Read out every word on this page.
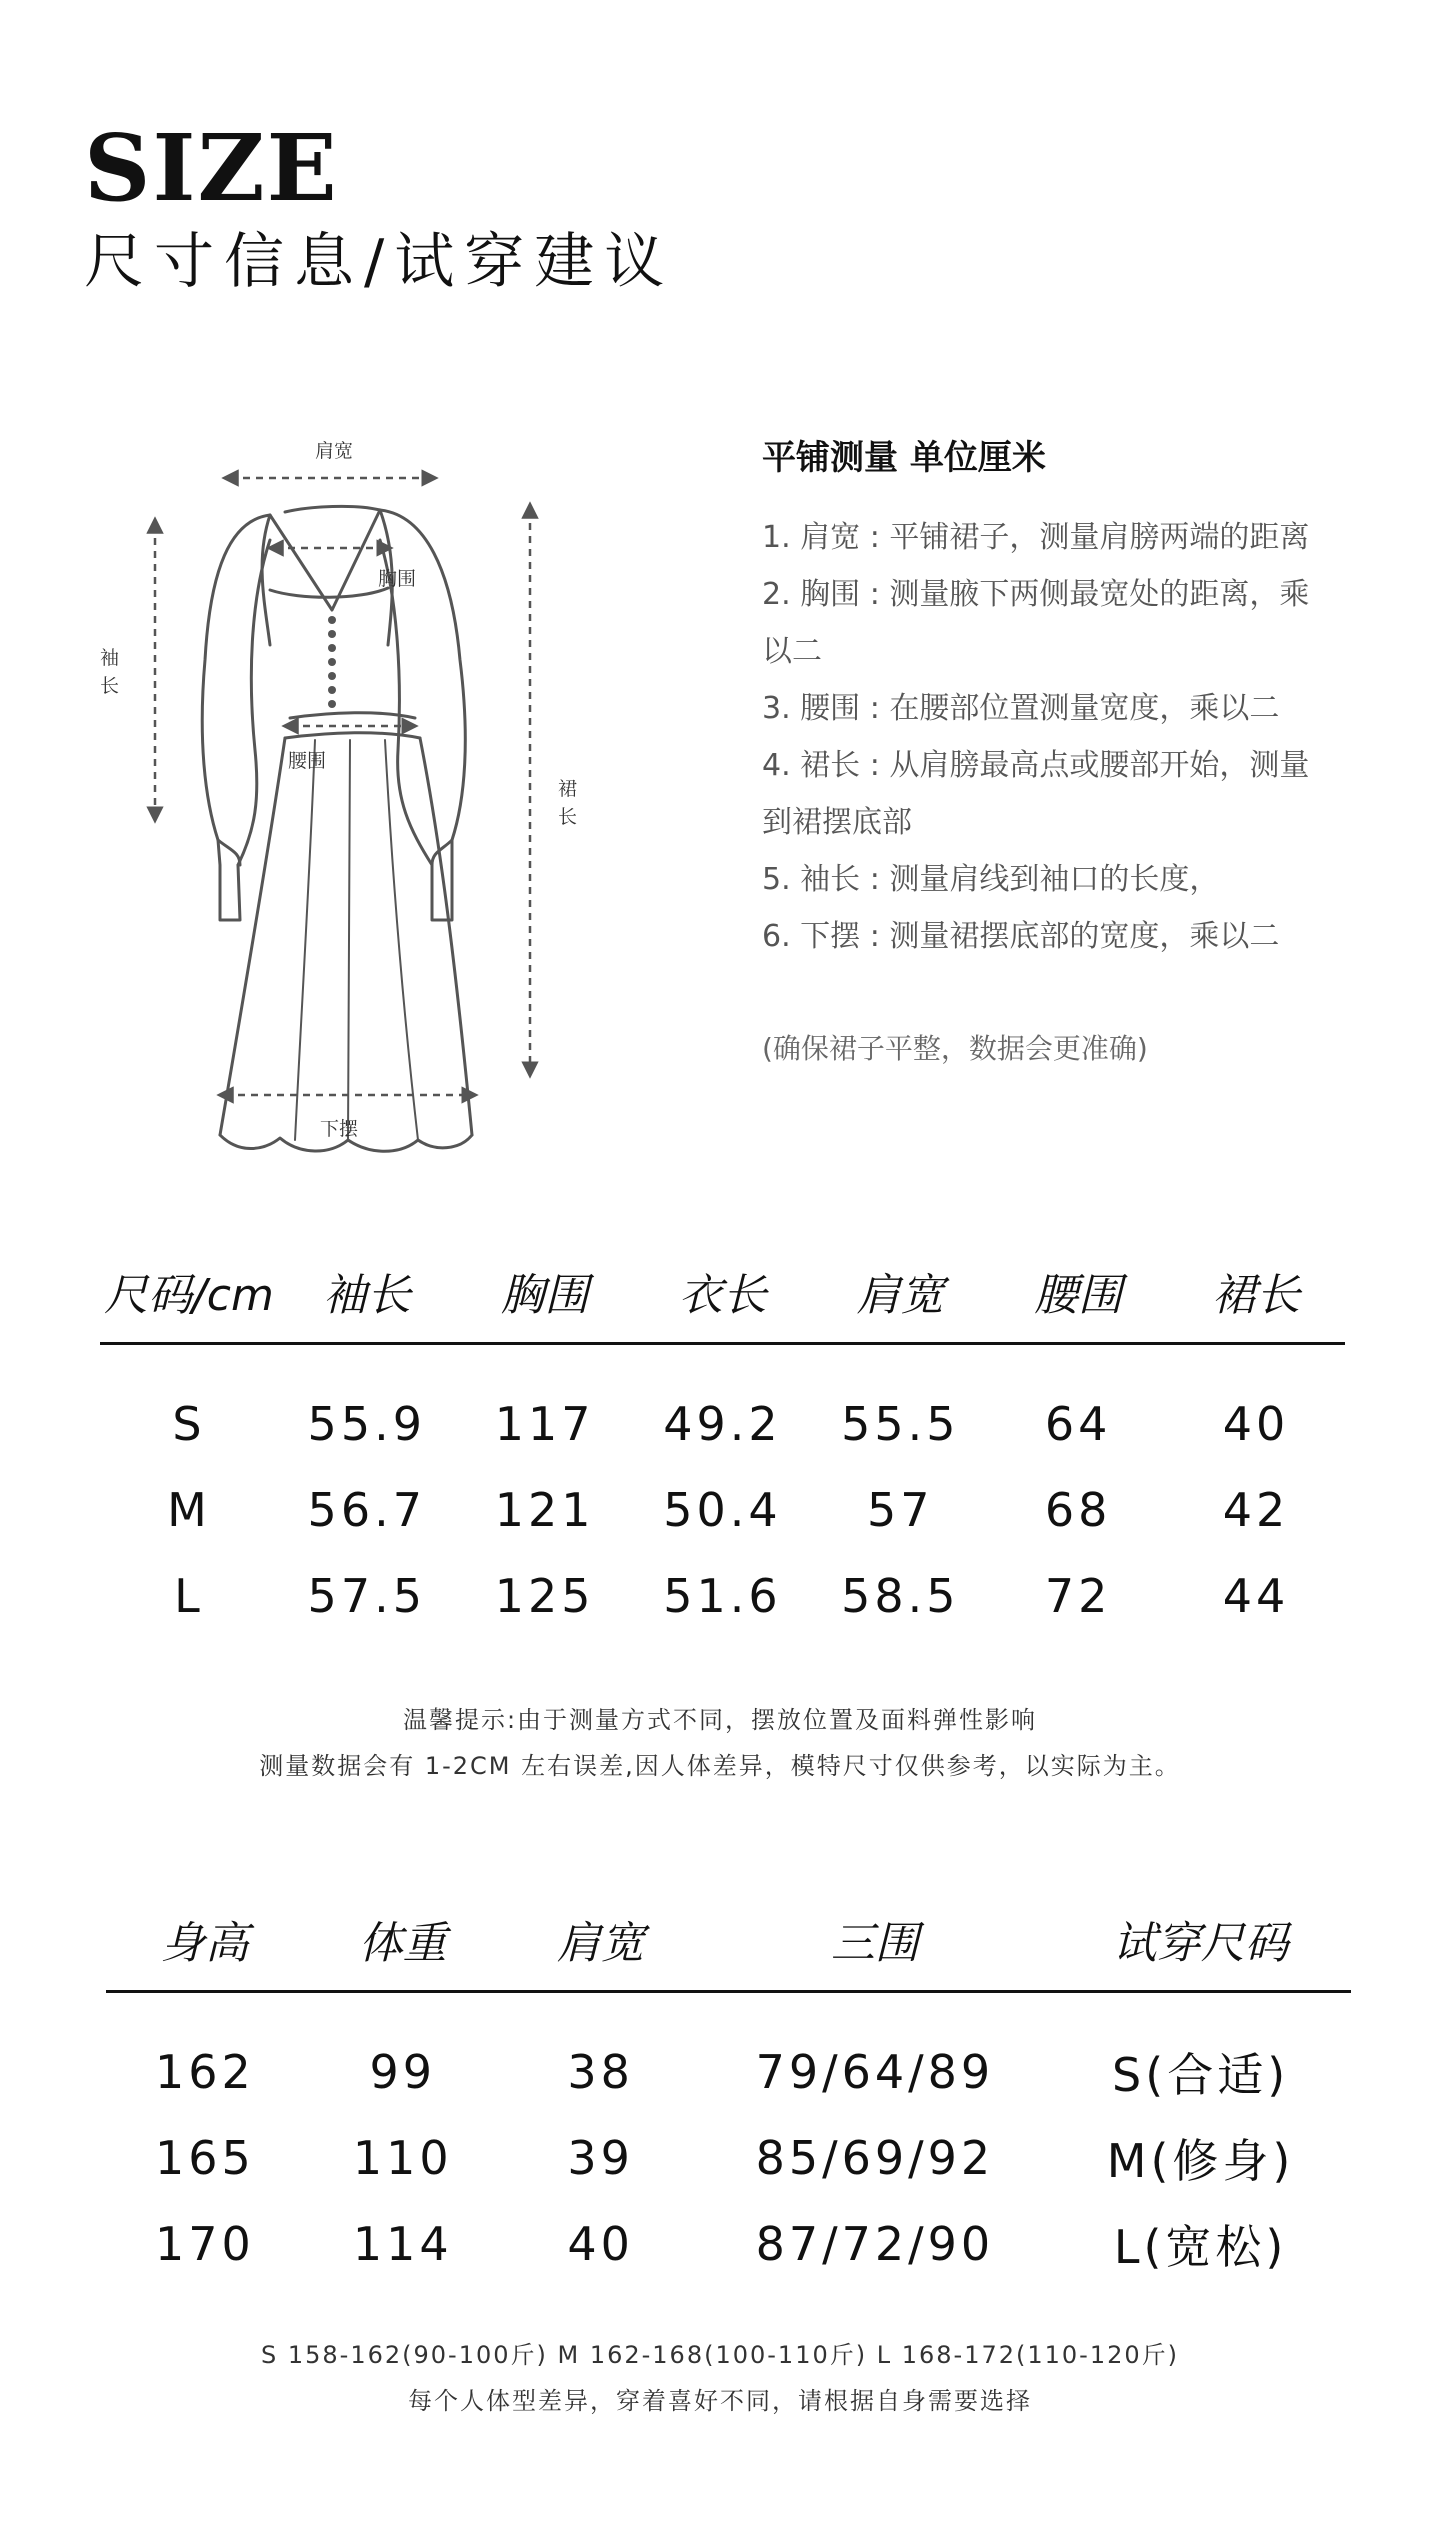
SIZE
尺寸信息/试穿建议
肩宽
胸围
腰围
袖
长
裙
长
下摆

平铺测量 单位厘米

1. 肩宽 : 平铺裙子，测量肩膀两端的距离

2. 胸围 : 测量腋下两侧最宽处的距离，乘

以二

3. 腰围 : 在腰部位置测量宽度，乘以二

4. 裙长 : 从肩膀最高点或腰部开始，测量

到裙摆底部

5. 袖长 : 测量肩线到袖口的长度，

6. 下摆 : 测量裙摆底部的宽度，乘以二

(确保裙子平整，数据会更准确)

尺码/cm	袖长	胸围	衣长	肩宽	腰围	裙长

S	55.9	117	49.2	55.5	64	40
M	56.7	121	50.4	57	68	42
L	57.5	125	51.6	58.5	72	44

温馨提示:由于测量方式不同，摆放位置及面料弹性影响

测量数据会有 1-2CM 左右误差,因人体差异，模特尺寸仅供参考，以实际为主。

身高	体重	肩宽	三围	试穿尺码

162	99	38	79/64/89	S(合适)
165	110	39	85/69/92	M(修身)
170	114	40	87/72/90	L(宽松)

S 158-162(90-100斤) M 162-168(100-110斤) L 168-172(110-120斤)

每个人体型差异，穿着喜好不同，请根据自身需要选择
